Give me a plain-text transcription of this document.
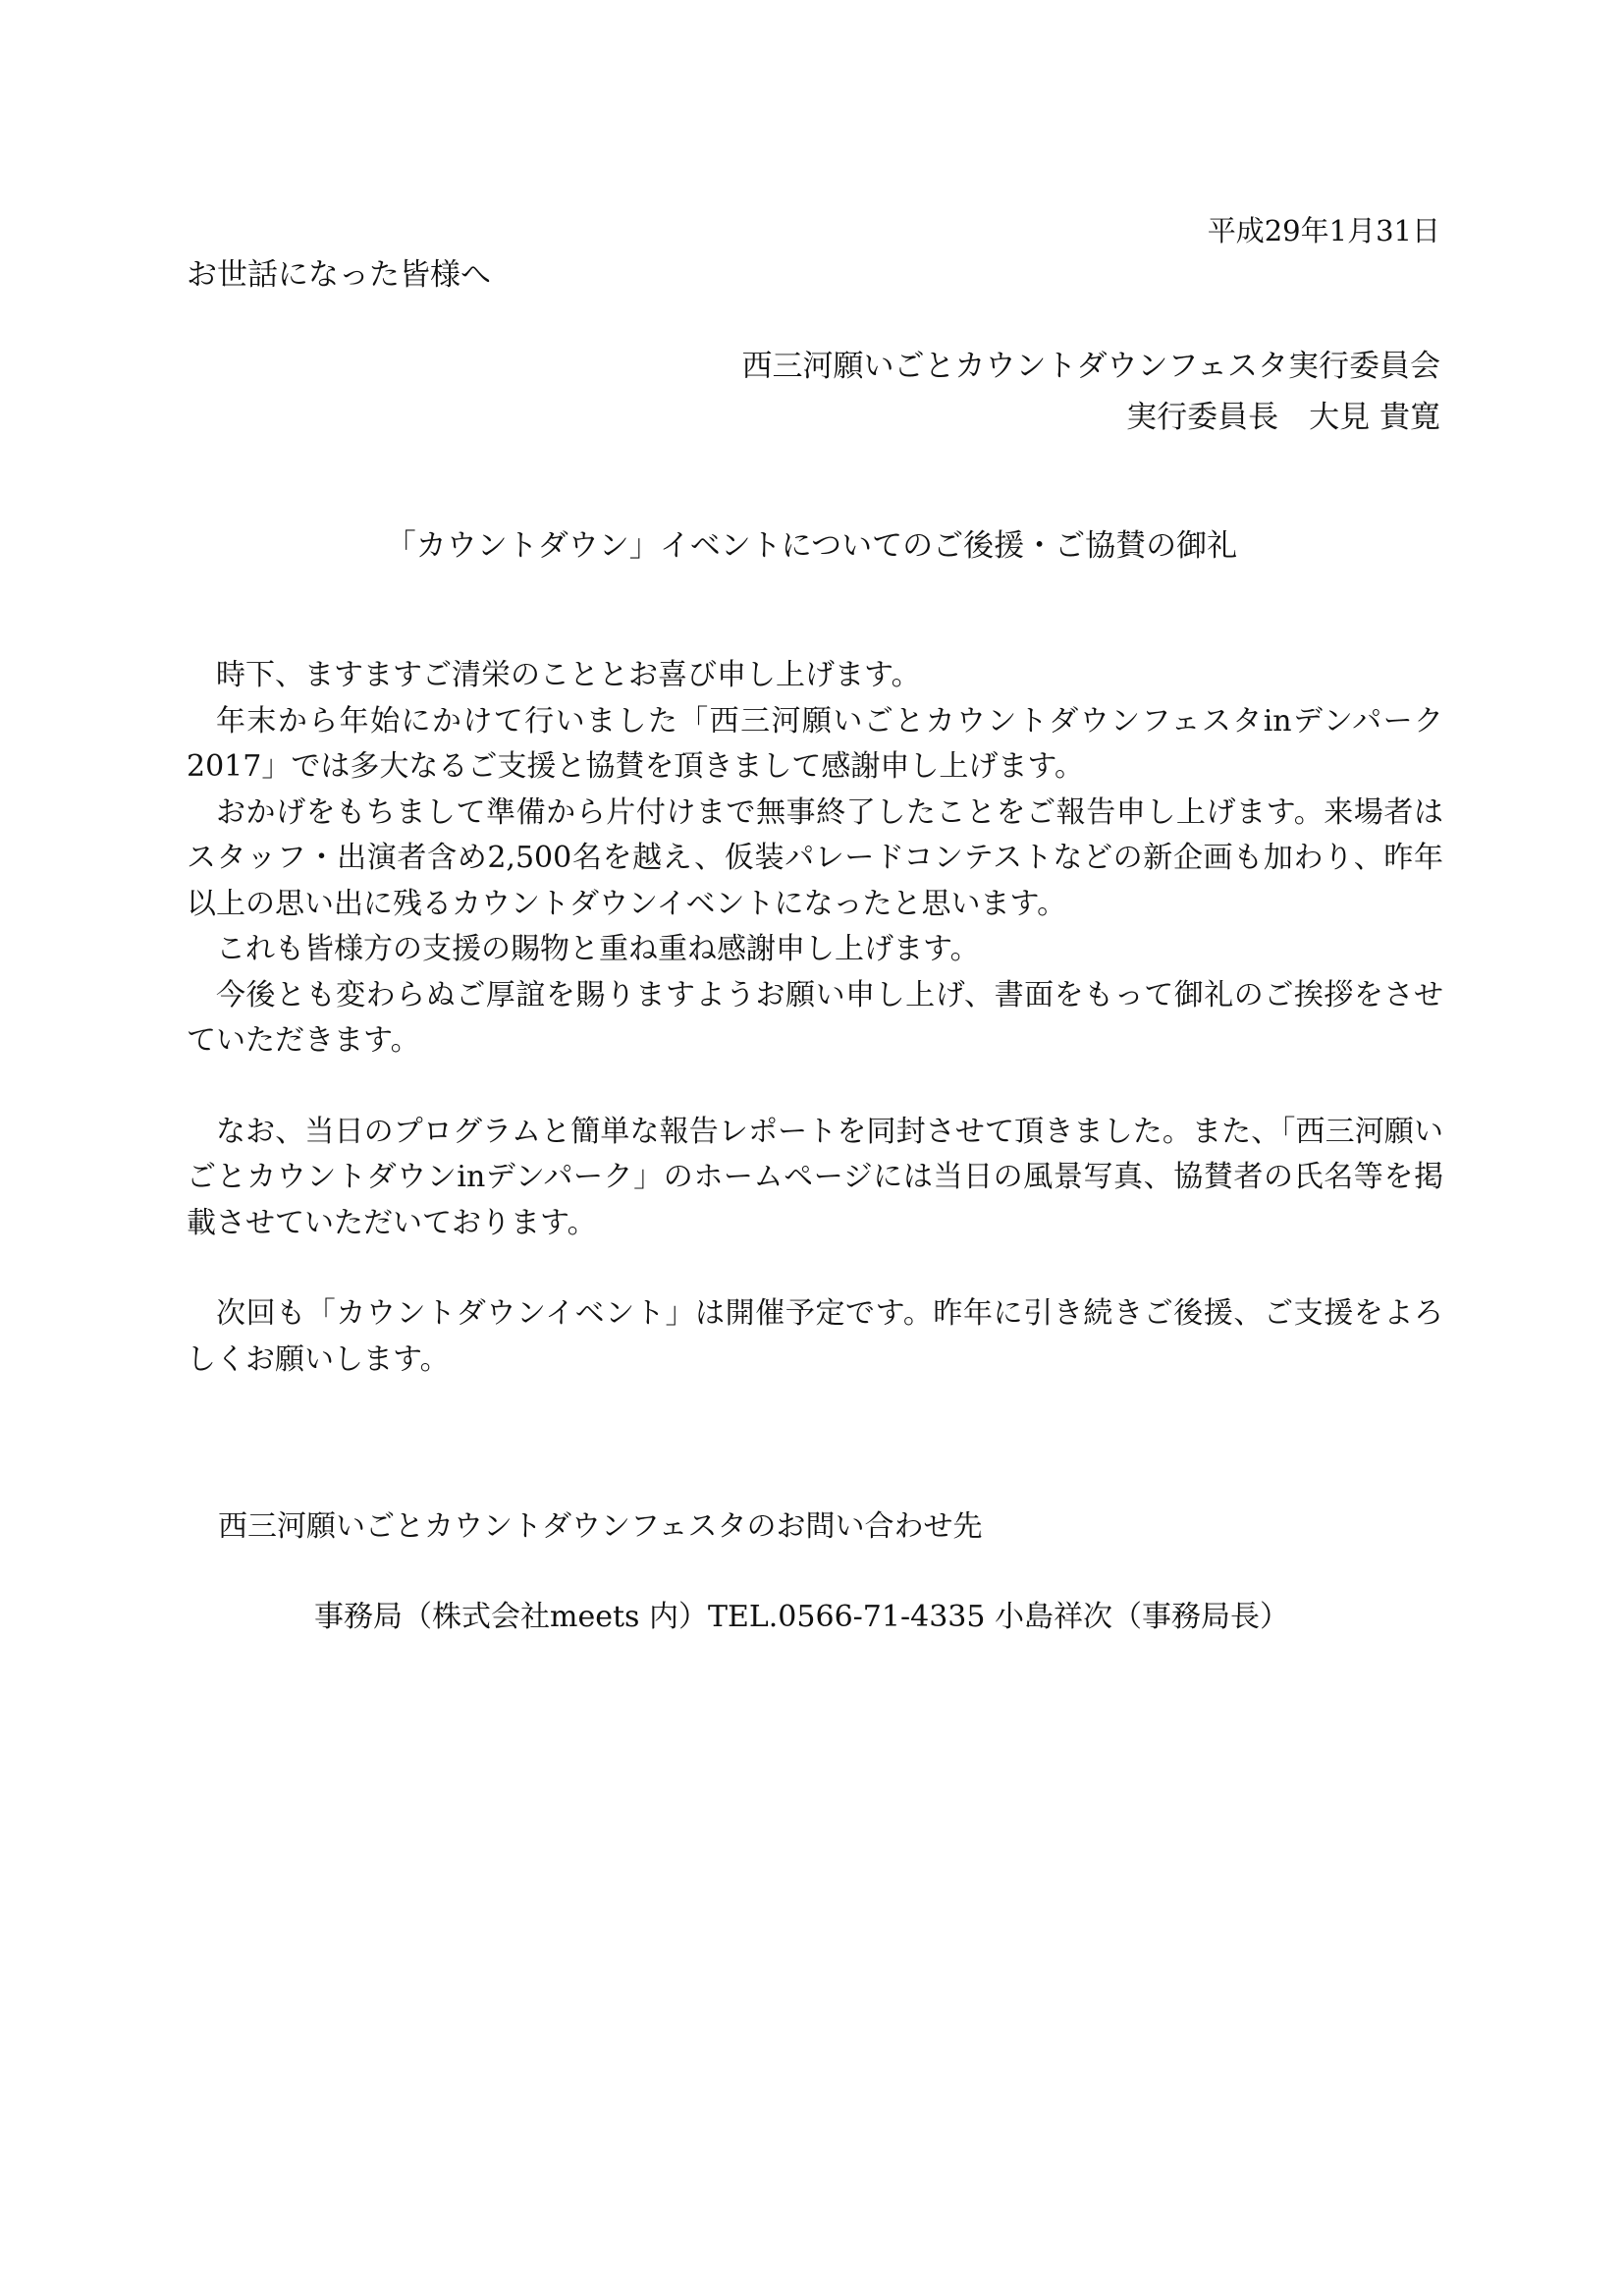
平成29年1月31日
お世話になった皆様へ
西三河願いごとカウントダウンフェスタ実行委員会
実行委員長　大見 貴寛
「カウントダウン」イベントについてのご後援・ご協賛の御礼

時下、ますますご清栄のこととお喜び申し上げます。

年末から年始にかけて行いました「西三河願いごとカウントダウンフェスタinデンパーク2017」では多大なるご支援と協賛を頂きまして感謝申し上げます。

おかげをもちまして準備から片付けまで無事終了したことをご報告申し上げます。来場者はスタッフ・出演者含め2,500名を越え、仮装パレードコンテストなどの新企画も加わり、昨年以上の思い出に残るカウントダウンイベントになったと思います。

これも皆様方の支援の賜物と重ね重ね感謝申し上げます。

今後とも変わらぬご厚誼を賜りますようお願い申し上げ、書面をもって御礼のご挨拶をさせていただきます。

なお、当日のプログラムと簡単な報告レポートを同封させて頂きました。また、「西三河願いごとカウントダウンinデンパーク」のホームページには当日の風景写真、協賛者の氏名等を掲載させていただいております。

次回も「カウントダウンイベント」は開催予定です。昨年に引き続きご後援、ご支援をよろしくお願いします。

西三河願いごとカウントダウンフェスタのお問い合わせ先
事務局（株式会社meets 内）TEL.0566-71-4335 小島祥次（事務局長）
